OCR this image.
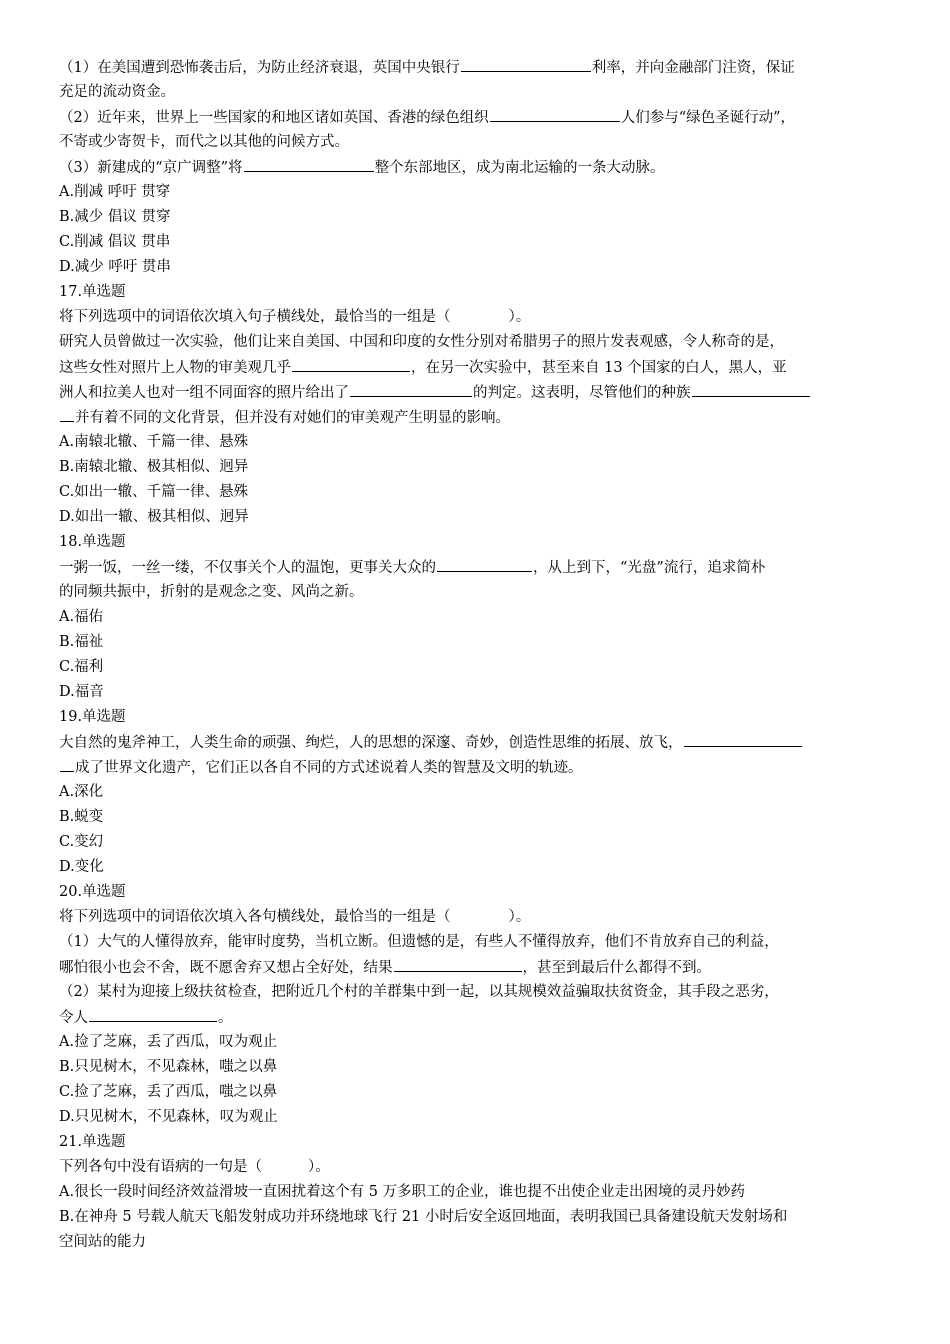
（1）在美国遭到恐怖袭击后，为防止经济衰退，英国中央银行	利率，并向金融部门注资，保证
充足的流动资金。
（2）近年来，世界上一些国家的和地区诸如英国、香港的绿色组织	人们参与“绿色圣诞行动”，
不寄或少寄贺卡，而代之以其他的问候方式。
（3）新建成的“京广调整”将	整个东部地区，成为南北运输的一条大动脉。
A.削减 呼吁 贯穿
B.减少 倡议 贯穿
C.削减 倡议 贯串
D.减少 呼吁 贯串
17.单选题
将下列选项中的词语依次填入句子横线处，最恰当的一组是（	）。
研究人员曾做过一次实验，他们让来自美国、中国和印度的女性分别对希腊男子的照片发表观感，令人称奇的是，
这些女性对照片上人物的审美观几乎	，在另一次实验中，甚至来自 13 个国家的白人，黑人，亚
洲人和拉美人也对一组不同面容的照片给出了	的判定。这表明，尽管他们的种族
并有着不同的文化背景，但并没有对她们的审美观产生明显的影响。
A.南辕北辙、千篇一律、悬殊
B.南辕北辙、极其相似、迥异
C.如出一辙、千篇一律、悬殊
D.如出一辙、极其相似、迥异
18.单选题
一粥一饭，一丝一缕，不仅事关个人的温饱，更事关大众的	，从上到下，“光盘”流行，追求简朴
的同频共振中，折射的是观念之变、风尚之新。
A.福佑
B.福祉
C.福利
D.福音
19.单选题
大自然的鬼斧神工，人类生命的顽强、绚烂，人的思想的深邃、奇妙，创造性思维的拓展、放飞，
成了世界文化遗产，它们正以各自不同的方式述说着人类的智慧及文明的轨迹。
A.深化
B.蜕变
C.变幻
D.变化
20.单选题
将下列选项中的词语依次填入各句横线处，最恰当的一组是（	）。
（1）大气的人懂得放弃，能审时度势，当机立断。但遗憾的是，有些人不懂得放弃，他们不肯放弃自己的利益，
哪怕很小也会不舍，既不愿舍弃又想占全好处，结果	，甚至到最后什么都得不到。
（2）某村为迎接上级扶贫检查，把附近几个村的羊群集中到一起，以其规模效益骗取扶贫资金，其手段之恶劣，
令人	。
A.捡了芝麻，丢了西瓜，叹为观止
B.只见树木，不见森林，嗤之以鼻
C.捡了芝麻，丢了西瓜，嗤之以鼻
D.只见树木，不见森林，叹为观止
21.单选题
下列各句中没有语病的一句是（	）。
A.很长一段时间经济效益滑坡一直困扰着这个有 5 万多职工的企业，谁也提不出使企业走出困境的灵丹妙药
B.在神舟 5 号载人航天飞船发射成功并环绕地球飞行 21 小时后安全返回地面，表明我国已具备建设航天发射场和
空间站的能力
